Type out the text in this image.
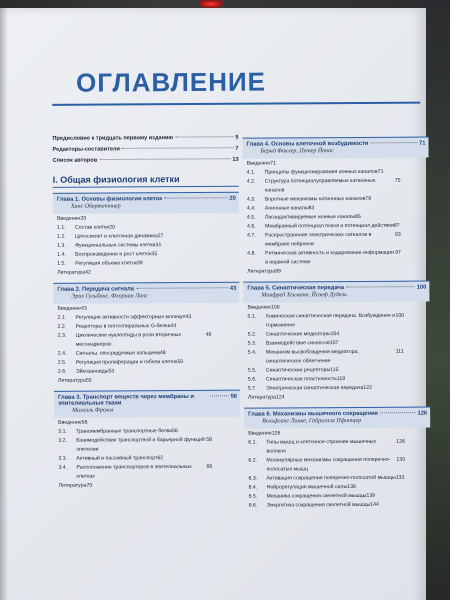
ОГЛАВЛЕНИЕ
Предисловие к тридцать первому изданию	5
Редакторы-составители	7
Список авторов	13
I. Общая физиология клетки
Глава 1. Основы физиологии клеток	20
Ханс Обервиттнер
Введение 20
1.1.	Состав клетки 20
1.2.	Цитоскелет и клеточная динамика 27
1.3.	Функциональные системы клетки 31
1.4.	Воспроизведение и рост клеток 35
1.5.	Регуляция объема клеток 39
Литература 42
Глава 2. Передача сигнала	43
Эрих Гульбинс, Флориан Ланг
Введение 43
2.1.	Регуляция активности эффекторных молекул 43
2.2.	Рецепторы в гептоспиральных G-белки 44
2.3.	Циклические нуклеотиды в роли вторичных мессенджеров
46
2.4.	Сигналы, опосредуемые кальцием 48
2.5.	Регуляция пролиферации и гибели клеток 50
2.6.	Эйкозаноиды 53
Литература 55
Глава 3. Транспорт веществ через мембраны и эпителиальные ткани
56
Михаэль Фромм
Введение 56
3.1.	Трансмембранные транспортные белки 56
3.2.	Взаимодействие транспортной и барьерной функций эпителия
58
3.3.	Активный и пассивный транспорт 62
3.4.	Расположение транспортеров в эпителиальных клетках
66
Литература 70
Глава 4. Основы клеточной возбудимости	71
Бернд Факлер, Петер Йонас
Введение 71
4.1.	Принципы функционирования ионных каналов 71
4.2.	Структура потенциалуправляемых катионных каналов
75
4.3.	Воротные механизмы катионных каналов 79
4.4.	Анионные каналы 83
4.5.	Лигандактивируемые ионные каналы 85
4.6.	Мембранный потенциал покоя и потенциал действия 87
4.7.	Распространение электрических сигналов в мембране нейронов
93
4.8.	Ритмическая активность и кодирование информации в нервной системе
97
Литература 99
Глава 5. Синаптическая передача	100
Манфред Хекманн, Йозеф Дудель
Введение 100
5.1.	Химическая синаптическая передача. Возбуждение и торможение
100
5.2.	Синаптические медиаторы 104
5.3.	Взаимодействие синапсов 107
5.4.	Механизм высвобождения медиатора, синаптическое облегчение
111
5.5.	Синаптические рецепторы 115
5.6.	Синаптическая пластичность 119
5.7.	Электрическая синаптическая передача 122
Литература 124
Глава 6. Механизмы мышечного сокращения	126
Вольфганг Линке, Габриэлла Пфитцер
Введение 126
6.1.	Типы мышц и клеточное строение мышечных волокон
126
6.2.	Молекулярные механизмы сокращения поперечно-полосатых мышц
130
6.3.	Активация сокращения поперечно-полосатой мышцы 133
6.4.	Нейрорегуляция мышечной силы 136
6.5.	Механика сокращения скелетной мышцы 139
6.6.	Энергетика сокращения скелетной мышцы 144
